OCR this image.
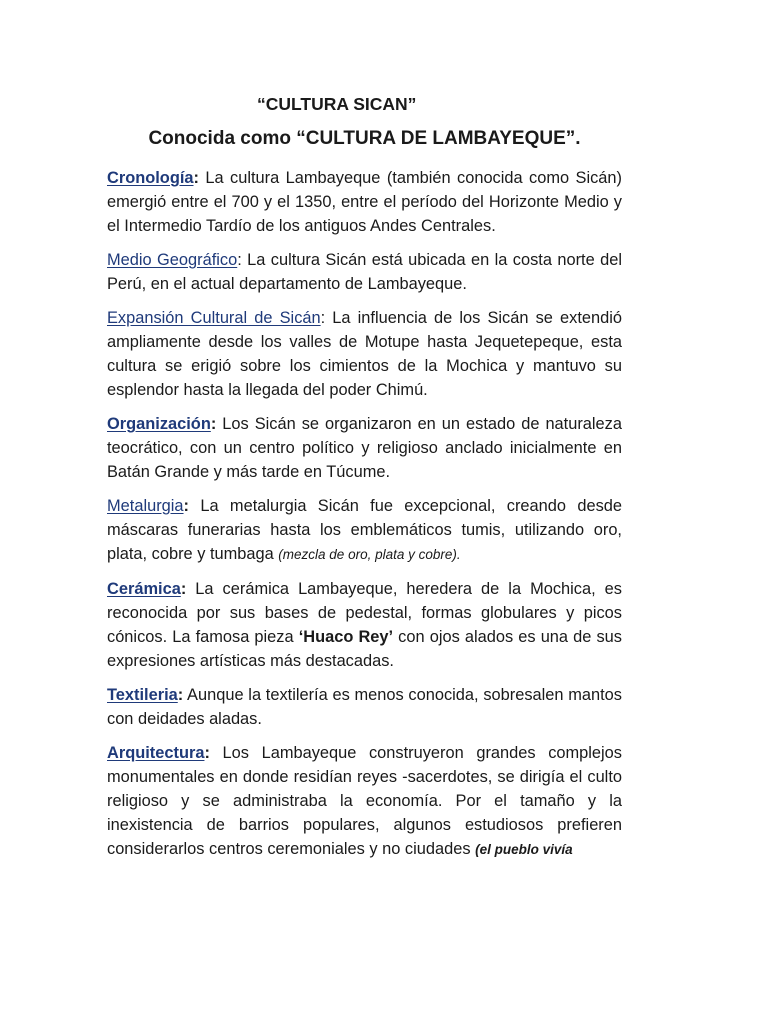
“CULTURA SICAN”
Conocida como “CULTURA DE LAMBAYEQUE”.

Cronología: La cultura Lambayeque (también conocida como Sicán) emergió entre el 700 y el 1350, entre el período del Horizonte Medio y el Intermedio Tardío de los antiguos Andes Centrales.

Medio Geográfico: La cultura Sicán está ubicada en la costa norte del Perú, en el actual departamento de Lambayeque.

Expansión Cultural de Sicán: La influencia de los Sicán se extendió ampliamente desde los valles de Motupe hasta Jequetepeque, esta cultura se erigió sobre los cimientos de la Mochica y mantuvo su esplendor hasta la llegada del poder Chimú.

Organización: Los Sicán se organizaron en un estado de naturaleza teocrático, con un centro político y religioso anclado inicialmente en Batán Grande y más tarde en Túcume.

Metalurgia: La metalurgia Sicán fue excepcional, creando desde máscaras funerarias hasta los emblemáticos tumis, utilizando oro, plata, cobre y tumbaga (mezcla de oro, plata y cobre).

Cerámica: La cerámica Lambayeque, heredera de la Mochica, es reconocida por sus bases de pedestal, formas globulares y picos cónicos. La famosa pieza ‘Huaco Rey’ con ojos alados es una de sus expresiones artísticas más destacadas.

Textileria: Aunque la textilería es menos conocida, sobresalen mantos con deidades aladas.

Arquitectura: Los Lambayeque construyeron grandes complejos monumentales en donde residían reyes -sacerdotes, se dirigía el culto religioso y se administraba la economía. Por el tamaño y la inexistencia de barrios populares, algunos estudiosos prefieren considerarlos centros ceremoniales y no ciudades (el pueblo vivía
